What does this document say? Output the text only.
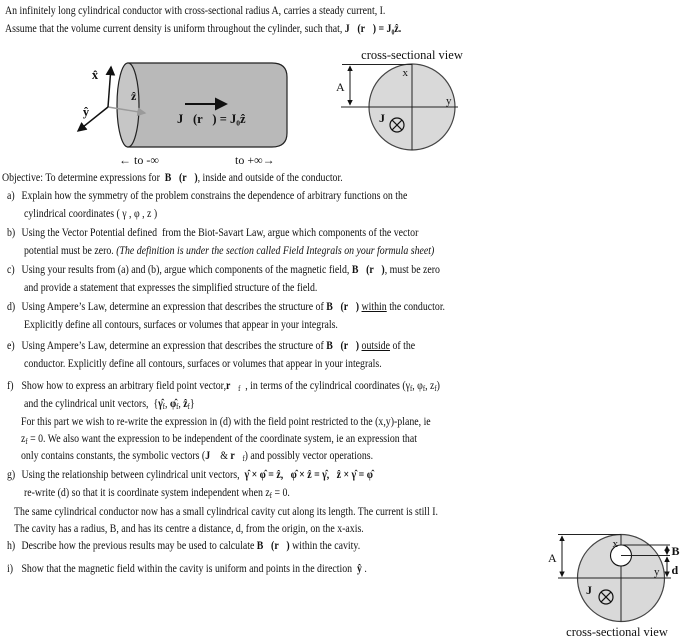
An infinitely long cylindrical conductor with cross-sectional radius A, carries a steady current, I.
Assume that the volume current density is uniform throughout the cylinder, such that, J⃗(r⃗) = J₀ẑ.
Objective: To determine expressions for  B⃗(r⃗), inside and outside of the conductor.
a) Explain how the symmetry of the problem constrains the dependence of arbitrary functions on the
cylindrical coordinates ( γ , φ , z )
b) Using the Vector Potential defined  from the Biot-Savart Law, argue which components of the vector
potential must be zero. (The definition is under the section called Field Integrals on your formula sheet)
c) Using your results from (a) and (b), argue which components of the magnetic field, B⃗(r⃗), must be zero
and provide a statement that expresses the simplified structure of the field.
d) Using Ampere’s Law, determine an expression that describes the structure of B⃗(r⃗) within the conductor.
Explicitly define all contours, surfaces or volumes that appear in your integrals.
e) Using Ampere’s Law, determine an expression that describes the structure of B⃗(r⃗) outside of the
conductor. Explicitly define all contours, surfaces or volumes that appear in your integrals.
f) Show how to express an arbitrary field point vector,r⃗f  , in terms of the cylindrical coordinates (γf, φf, zf)
and the cylindrical unit vectors,  {γ̂f, φ̂f, ẑf}
For this part we wish to re-write the expression in (d) with the field point restricted to the (x,y)-plane, ie
zf = 0. We also want the expression to be independent of the coordinate system, ie an expression that
only contains constants, the symbolic vectors (J⃗ & r⃗f) and possibly vector operations.
g) Using the relationship between cylindrical unit vectors,  γ̂ × φ̂ = ẑ,   φ̂ × ẑ = γ̂,   ẑ × γ̂ = φ̂
re-write (d) so that it is coordinate system independent when zf = 0.
The same cylindrical conductor now has a small cylindrical cavity cut along its length. The current is still I.
The cavity has a radius, B, and has its centre a distance, d, from the origin, on the x-axis.
h) Describe how the previous results may be used to calculate B⃗(r⃗) within the cavity.
i) Show that the magnetic field within the cavity is uniform and points in the direction  ŷ .
x̂
ŷ
ẑ
J⃗(r⃗) = J₀ẑ
← to -∞	to +∞→
cross-sectional view
A
x
y
J
A	B
d
x
y
J⃗
cross-sectional view
